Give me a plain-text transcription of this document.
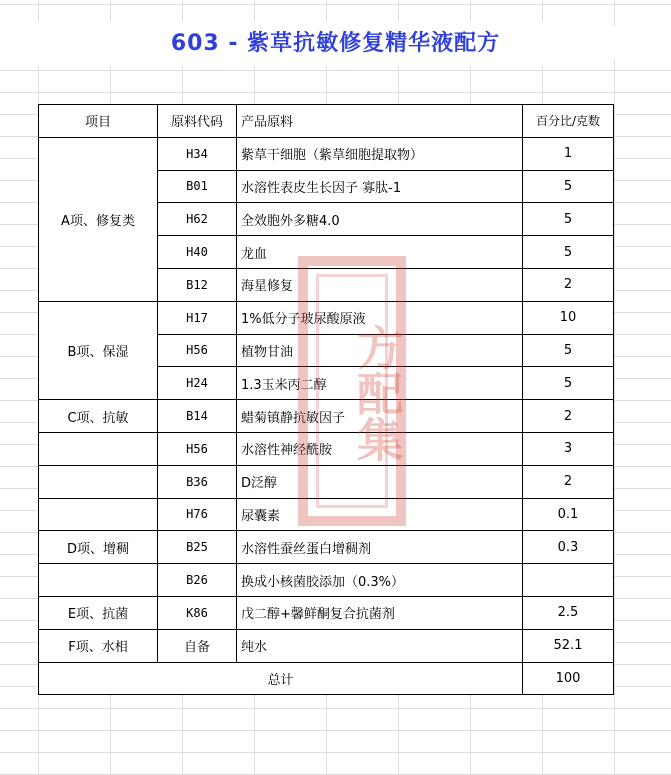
603 - 紫草抗敏修复精华液配方
项目	原料代码	产品原料	百分比/克数
A项、修复类	H34	紫草干细胞（紫草细胞提取物）	1
	B01	水溶性表皮生长因子 寡肽-1	5
	H62	全效胞外多糖4.0	5
	H40	龙血	5
	B12	海星修复	2
B项、保湿	H17	1%低分子玻尿酸原液	10
	H56	植物甘油	5
	H24	1.3玉米丙二醇	5
C项、抗敏	B14	蜡菊镇静抗敏因子	2
	H56	水溶性神经酰胺	3
	B36	D泛醇	2
	H76	尿囊素	0.1
D项、增稠	B25	水溶性蚕丝蛋白增稠剂	0.3
	B26	换成小核菌胶添加（0.3%）	
E项、抗菌	K86	戊二醇+馨鲜酮复合抗菌剂	2.5
F项、水相	自备	纯水	52.1
总计			100
方配集
